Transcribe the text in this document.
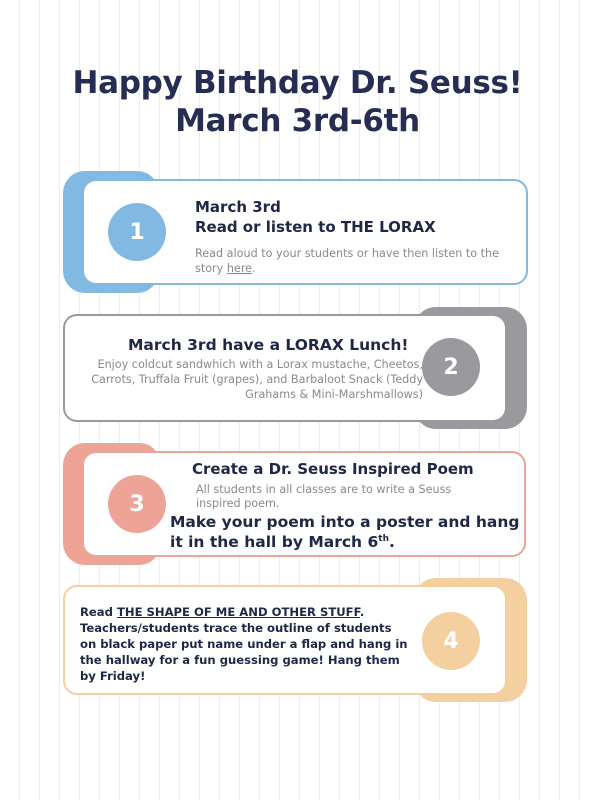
Happy Birthday Dr. Seuss!
March 3rd-6th
1
March 3rd
Read or listen to THE LORAX
Read aloud to your students or have then listen to the story here.
2
March 3rd have a LORAX Lunch!
Enjoy coldcut sandwhich with a Lorax mustache, Cheetos, Carrots, Truffala Fruit (grapes), and Barbaloot Snack (Teddy Grahams & Mini-Marshmallows)
3
Create a Dr. Seuss Inspired Poem
All students in all classes are to write a Seuss inspired poem.
Make your poem into a poster and hang it in the hall by March 6th.
4
Read THE SHAPE OF ME AND OTHER STUFF. Teachers/students trace the outline of students on black paper put name under a flap and hang in the hallway for a fun guessing game! Hang them by Friday!
